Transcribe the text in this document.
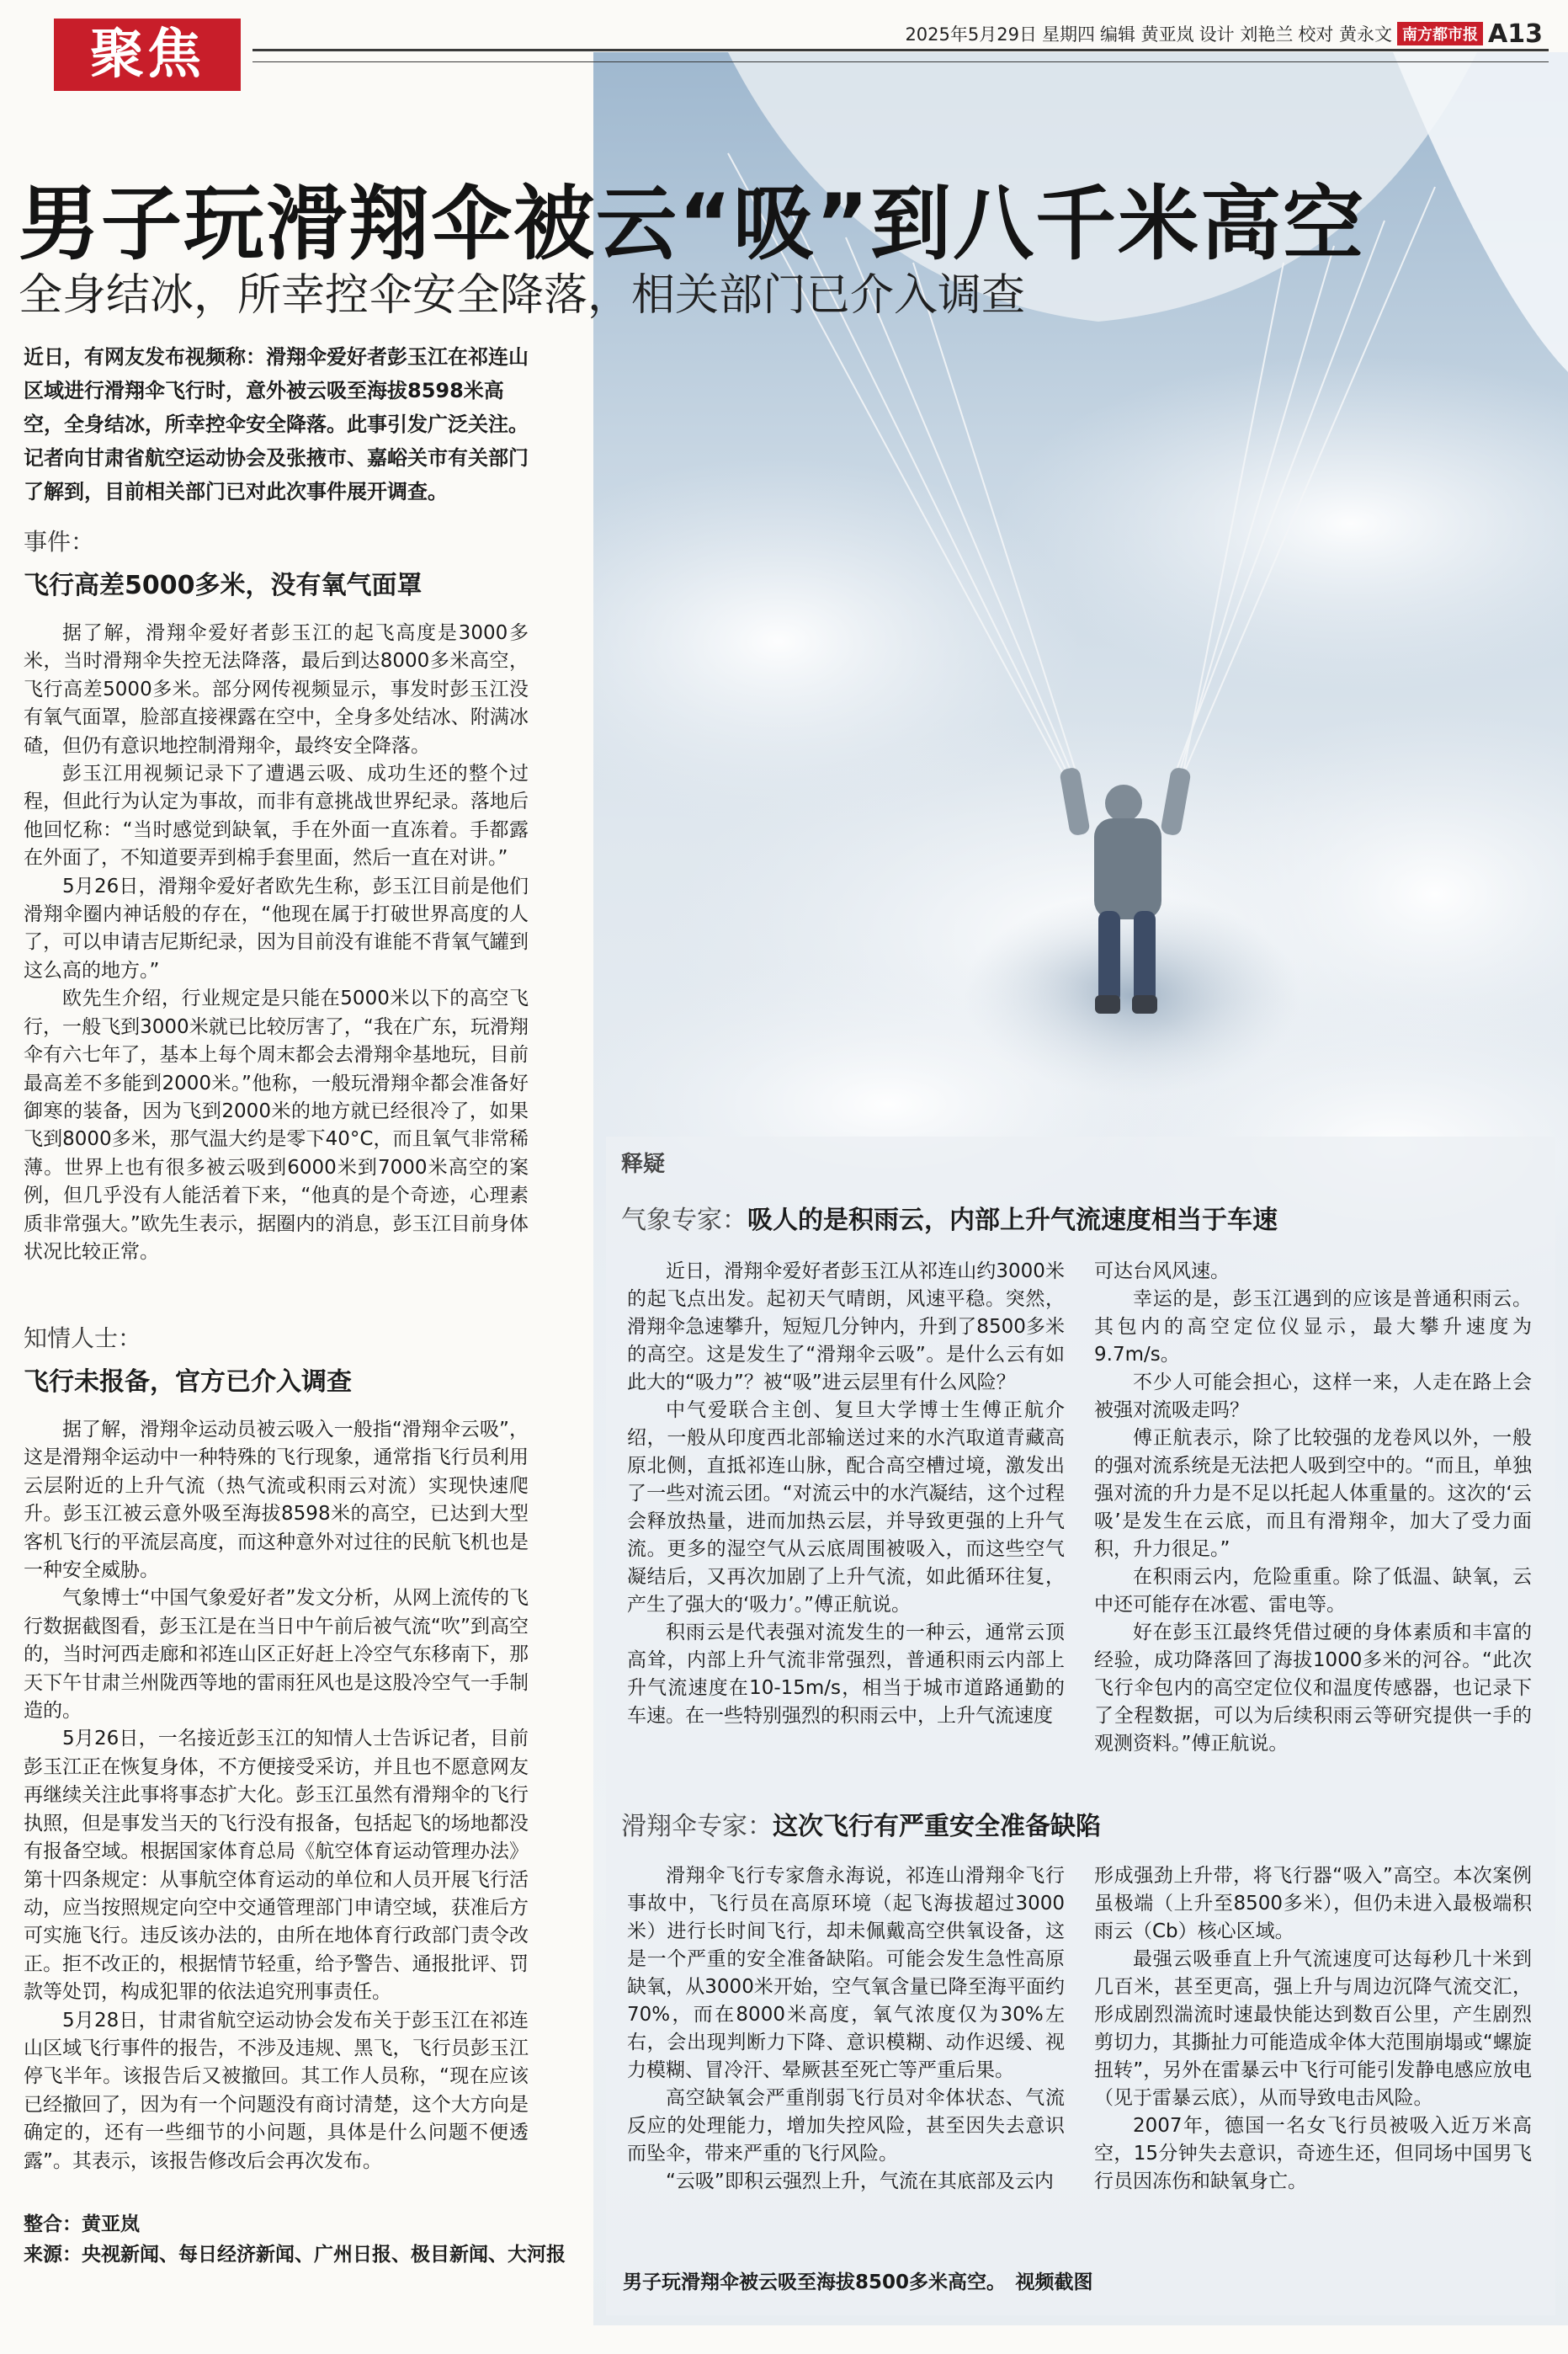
聚焦	2025年5月29日 星期四 编辑 黄亚岚 设计 刘艳兰 校对 黄永文 南方都市报 A13
男子玩滑翔伞被云“吸”到八千米高空
全身结冰，所幸控伞安全降落，相关部门已介入调查
近日，有网友发布视频称：滑翔伞爱好者彭玉江在祁连山区域进行滑翔伞飞行时，意外被云吸至海拔8598米高空，全身结冰，所幸控伞安全降落。此事引发广泛关注。记者向甘肃省航空运动协会及张掖市、嘉峪关市有关部门了解到，目前相关部门已对此次事件展开调查。
事件：
飞行高差5000多米，没有氧气面罩

据了解，滑翔伞爱好者彭玉江的起飞高度是3000多米，当时滑翔伞失控无法降落，最后到达8000多米高空，飞行高差5000多米。部分网传视频显示，事发时彭玉江没有氧气面罩，脸部直接裸露在空中，全身多处结冰、附满冰碴，但仍有意识地控制滑翔伞，最终安全降落。

彭玉江用视频记录下了遭遇云吸、成功生还的整个过程，但此行为认定为事故，而非有意挑战世界纪录。落地后他回忆称：“当时感觉到缺氧，手在外面一直冻着。手都露在外面了，不知道要弄到棉手套里面，然后一直在对讲。”

5月26日，滑翔伞爱好者欧先生称，彭玉江目前是他们滑翔伞圈内神话般的存在，“他现在属于打破世界高度的人了，可以申请吉尼斯纪录，因为目前没有谁能不背氧气罐到这么高的地方。”

欧先生介绍，行业规定是只能在5000米以下的高空飞行，一般飞到3000米就已比较厉害了，“我在广东，玩滑翔伞有六七年了，基本上每个周末都会去滑翔伞基地玩，目前最高差不多能到2000米。”他称，一般玩滑翔伞都会准备好御寒的装备，因为飞到2000米的地方就已经很冷了，如果飞到8000多米，那气温大约是零下40°C，而且氧气非常稀薄。世界上也有很多被云吸到6000米到7000米高空的案例，但几乎没有人能活着下来，“他真的是个奇迹，心理素质非常强大。”欧先生表示，据圈内的消息，彭玉江目前身体状况比较正常。

知情人士：
飞行未报备，官方已介入调查

据了解，滑翔伞运动员被云吸入一般指“滑翔伞云吸”，这是滑翔伞运动中一种特殊的飞行现象，通常指飞行员利用云层附近的上升气流（热气流或积雨云对流）实现快速爬升。彭玉江被云意外吸至海拔8598米的高空，已达到大型客机飞行的平流层高度，而这种意外对过往的民航飞机也是一种安全威胁。

气象博士“中国气象爱好者”发文分析，从网上流传的飞行数据截图看，彭玉江是在当日中午前后被气流“吹”到高空的，当时河西走廊和祁连山区正好赶上冷空气东移南下，那天下午甘肃兰州陇西等地的雷雨狂风也是这股冷空气一手制造的。

5月26日，一名接近彭玉江的知情人士告诉记者，目前彭玉江正在恢复身体，不方便接受采访，并且也不愿意网友再继续关注此事将事态扩大化。彭玉江虽然有滑翔伞的飞行执照，但是事发当天的飞行没有报备，包括起飞的场地都没有报备空域。根据国家体育总局《航空体育运动管理办法》第十四条规定：从事航空体育运动的单位和人员开展飞行活动，应当按照规定向空中交通管理部门申请空域，获准后方可实施飞行。违反该办法的，由所在地体育行政部门责令改正。拒不改正的，根据情节轻重，给予警告、通报批评、罚款等处罚，构成犯罪的依法追究刑事责任。

5月28日，甘肃省航空运动协会发布关于彭玉江在祁连山区域飞行事件的报告，不涉及违规、黑飞，飞行员彭玉江停飞半年。该报告后又被撤回。其工作人员称，“现在应该已经撤回了，因为有一个问题没有商讨清楚，这个大方向是确定的，还有一些细节的小问题，具体是什么问题不便透露”。其表示，该报告修改后会再次发布。

整合：黄亚岚
来源：央视新闻、每日经济新闻、广州日报、极目新闻、大河报
释疑
气象专家：吸人的是积雨云，内部上升气流速度相当于车速

近日，滑翔伞爱好者彭玉江从祁连山约3000米的起飞点出发。起初天气晴朗，风速平稳。突然，滑翔伞急速攀升，短短几分钟内，升到了8500多米的高空。这是发生了“滑翔伞云吸”。是什么云有如此大的“吸力”？被“吸”进云层里有什么风险？

中气爱联合主创、复旦大学博士生傅正航介绍，一般从印度西北部输送过来的水汽取道青藏高原北侧，直抵祁连山脉，配合高空槽过境，激发出了一些对流云团。“对流云中的水汽凝结，这个过程会释放热量，进而加热云层，并导致更强的上升气流。更多的湿空气从云底周围被吸入，而这些空气凝结后，又再次加剧了上升气流，如此循环往复，产生了强大的‘吸力’。”傅正航说。

积雨云是代表强对流发生的一种云，通常云顶高耸，内部上升气流非常强烈，普通积雨云内部上升气流速度在10-15m/s，相当于城市道路通勤的车速。在一些特别强烈的积雨云中，上升气流速度

可达台风风速。

幸运的是，彭玉江遇到的应该是普通积雨云。其包内的高空定位仪显示，最大攀升速度为9.7m/s。

不少人可能会担心，这样一来，人走在路上会被强对流吸走吗？

傅正航表示，除了比较强的龙卷风以外，一般的强对流系统是无法把人吸到空中的。“而且，单独强对流的升力是不足以托起人体重量的。这次的‘云吸’是发生在云底，而且有滑翔伞，加大了受力面积，升力很足。”

在积雨云内，危险重重。除了低温、缺氧，云中还可能存在冰雹、雷电等。

好在彭玉江最终凭借过硬的身体素质和丰富的经验，成功降落回了海拔1000多米的河谷。“此次飞行伞包内的高空定位仪和温度传感器，也记录下了全程数据，可以为后续积雨云等研究提供一手的观测资料。”傅正航说。

滑翔伞专家：这次飞行有严重安全准备缺陷

滑翔伞飞行专家詹永海说，祁连山滑翔伞飞行事故中，飞行员在高原环境（起飞海拔超过3000米）进行长时间飞行，却未佩戴高空供氧设备，这是一个严重的安全准备缺陷。可能会发生急性高原缺氧，从3000米开始，空气氧含量已降至海平面约70%，而在8000米高度，氧气浓度仅为30%左右，会出现判断力下降、意识模糊、动作迟缓、视力模糊、冒冷汗、晕厥甚至死亡等严重后果。

高空缺氧会严重削弱飞行员对伞体状态、气流反应的处理能力，增加失控风险，甚至因失去意识而坠伞，带来严重的飞行风险。

“云吸”即积云强烈上升，气流在其底部及云内

形成强劲上升带，将飞行器“吸入”高空。本次案例虽极端（上升至8500多米），但仍未进入最极端积雨云（Cb）核心区域。

最强云吸垂直上升气流速度可达每秒几十米到几百米，甚至更高，强上升与周边沉降气流交汇，形成剧烈湍流时速最快能达到数百公里，产生剧烈剪切力，其撕扯力可能造成伞体大范围崩塌或“螺旋扭转”，另外在雷暴云中飞行可能引发静电感应放电（见于雷暴云底），从而导致电击风险。

2007年，德国一名女飞行员被吸入近万米高空，15分钟失去意识，奇迹生还，但同场中国男飞行员因冻伤和缺氧身亡。

男子玩滑翔伞被云吸至海拔8500多米高空。　视频截图
